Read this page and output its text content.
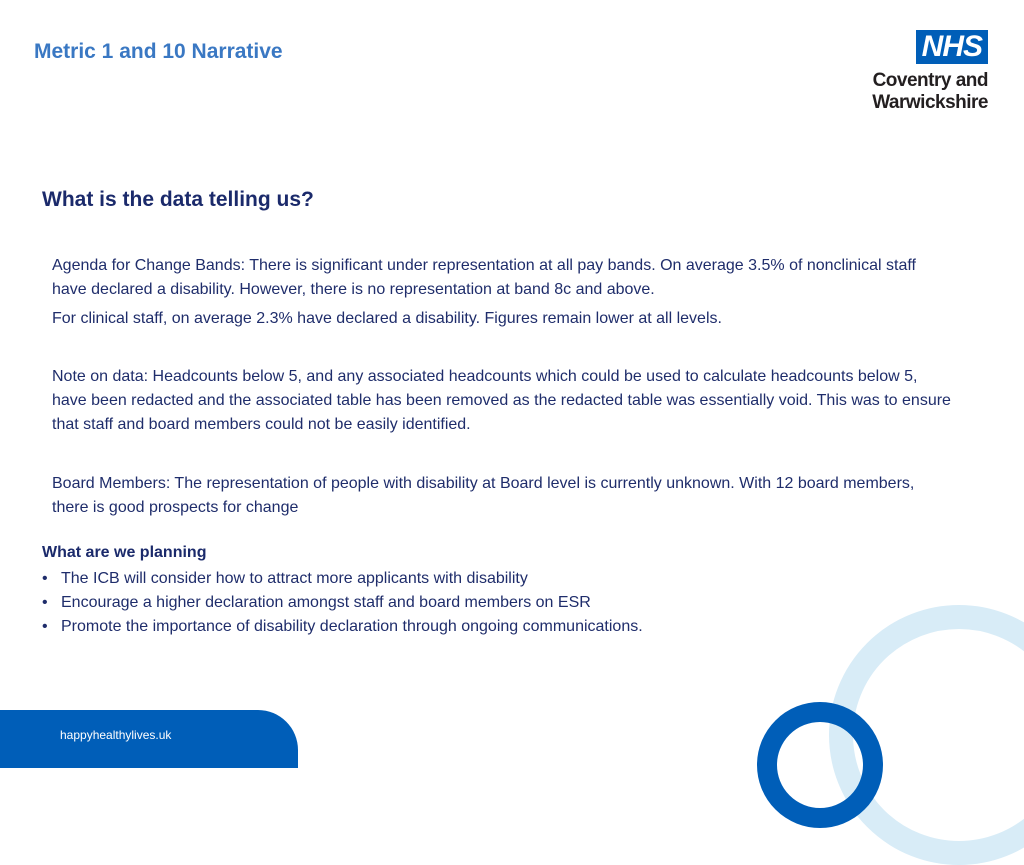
Metric 1 and 10 Narrative	NHS
Coventry and
Warwickshire
What is the data telling us?
Agenda for Change Bands: There is significant under representation at all pay bands. On average 3.5% of nonclinical staff have declared a disability. However, there is no representation at band 8c and above.
For clinical staff, on average 2.3% have declared a disability. Figures remain lower at all levels.
Note on data: Headcounts below 5, and any associated headcounts which could be used to calculate headcounts below 5, have been redacted and the associated table has been removed as the redacted table was essentially void. This was to ensure that staff and board members could not be easily identified.
Board Members: The representation of people with disability at Board level is currently unknown. With 12 board members, there is good prospects for change
What are we planning
• The ICB will consider how to attract more applicants with disability
• Encourage a higher declaration amongst staff and board members on ESR
• Promote the importance of disability declaration through ongoing communications.
happyhealthylives.uk
